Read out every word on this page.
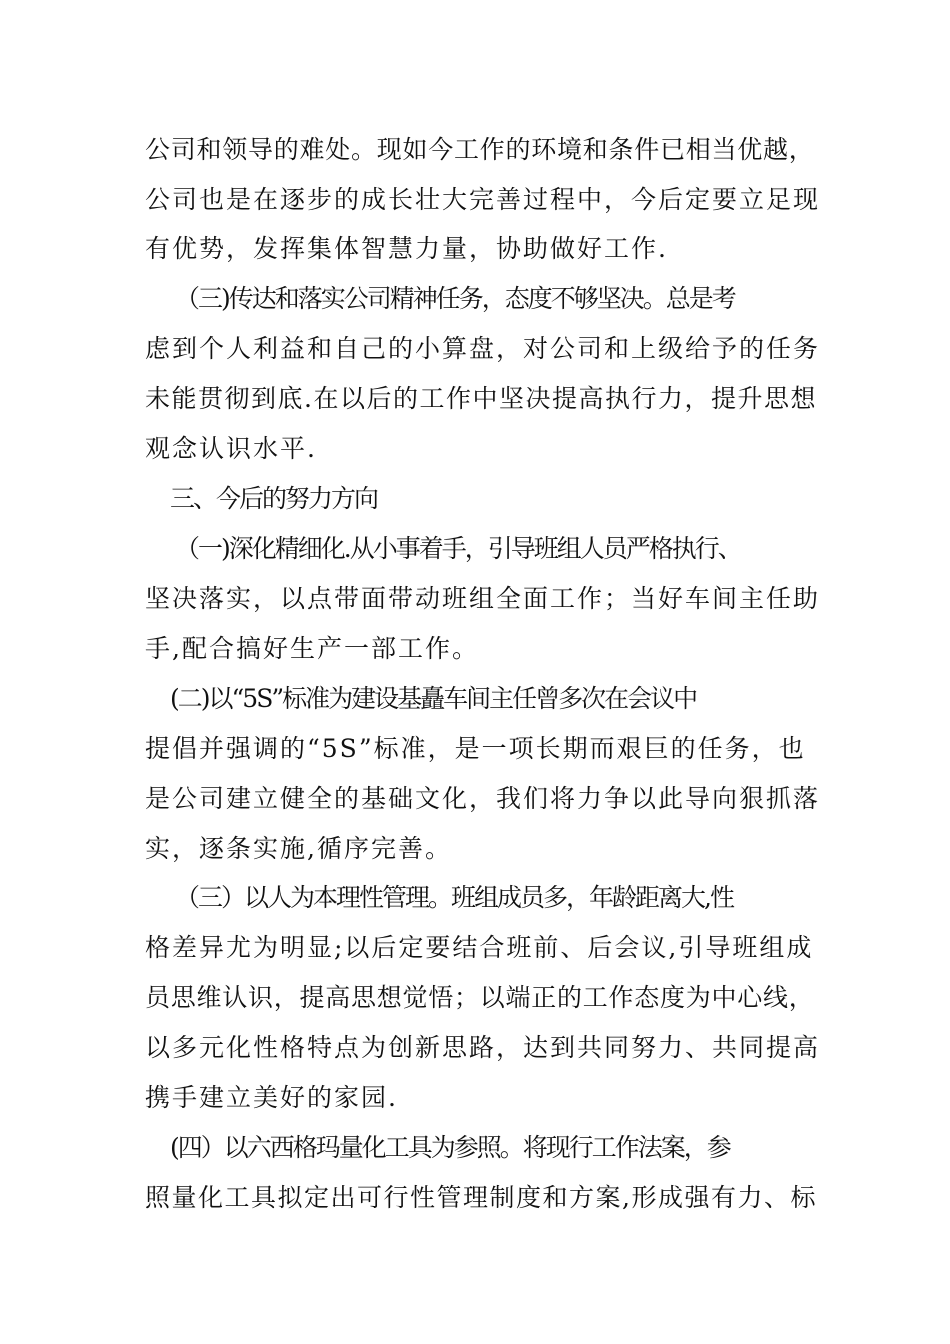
公司和领导的难处。现如今工作的环境和条件已相当优越，
公司也是在逐步的成长壮大完善过程中，今后定要立足现
有优势，发挥集体智慧力量，协助做好工作.
（三)传达和落实公司精神任务，态度不够坚决。总是考
虑到个人利益和自己的小算盘，对公司和上级给予的任务
未能贯彻到底.在以后的工作中坚决提高执行力，提升思想
观念认识水平.
三、今后的努力方向
（一)深化精细化.从小事着手，引导班组人员严格执行、
坚决落实，以点带面带动班组全面工作；当好车间主任助
手,配合搞好生产一部工作。
(二)以“5S”标准为建设基矗车间主任曾多次在会议中
提倡并强调的“5S”标准，是一项长期而艰巨的任务，也
是公司建立健全的基础文化，我们将力争以此导向狠抓落
实，逐条实施,循序完善。
（三）以人为本理性管理。班组成员多，年龄距离大,性
格差异尤为明显;以后定要结合班前、后会议,引导班组成
员思维认识，提高思想觉悟；以端正的工作态度为中心线，
以多元化性格特点为创新思路，达到共同努力、共同提高
携手建立美好的家园.
(四）以六西格玛量化工具为参照。将现行工作法案，参
照量化工具拟定出可行性管理制度和方案,形成强有力、标
